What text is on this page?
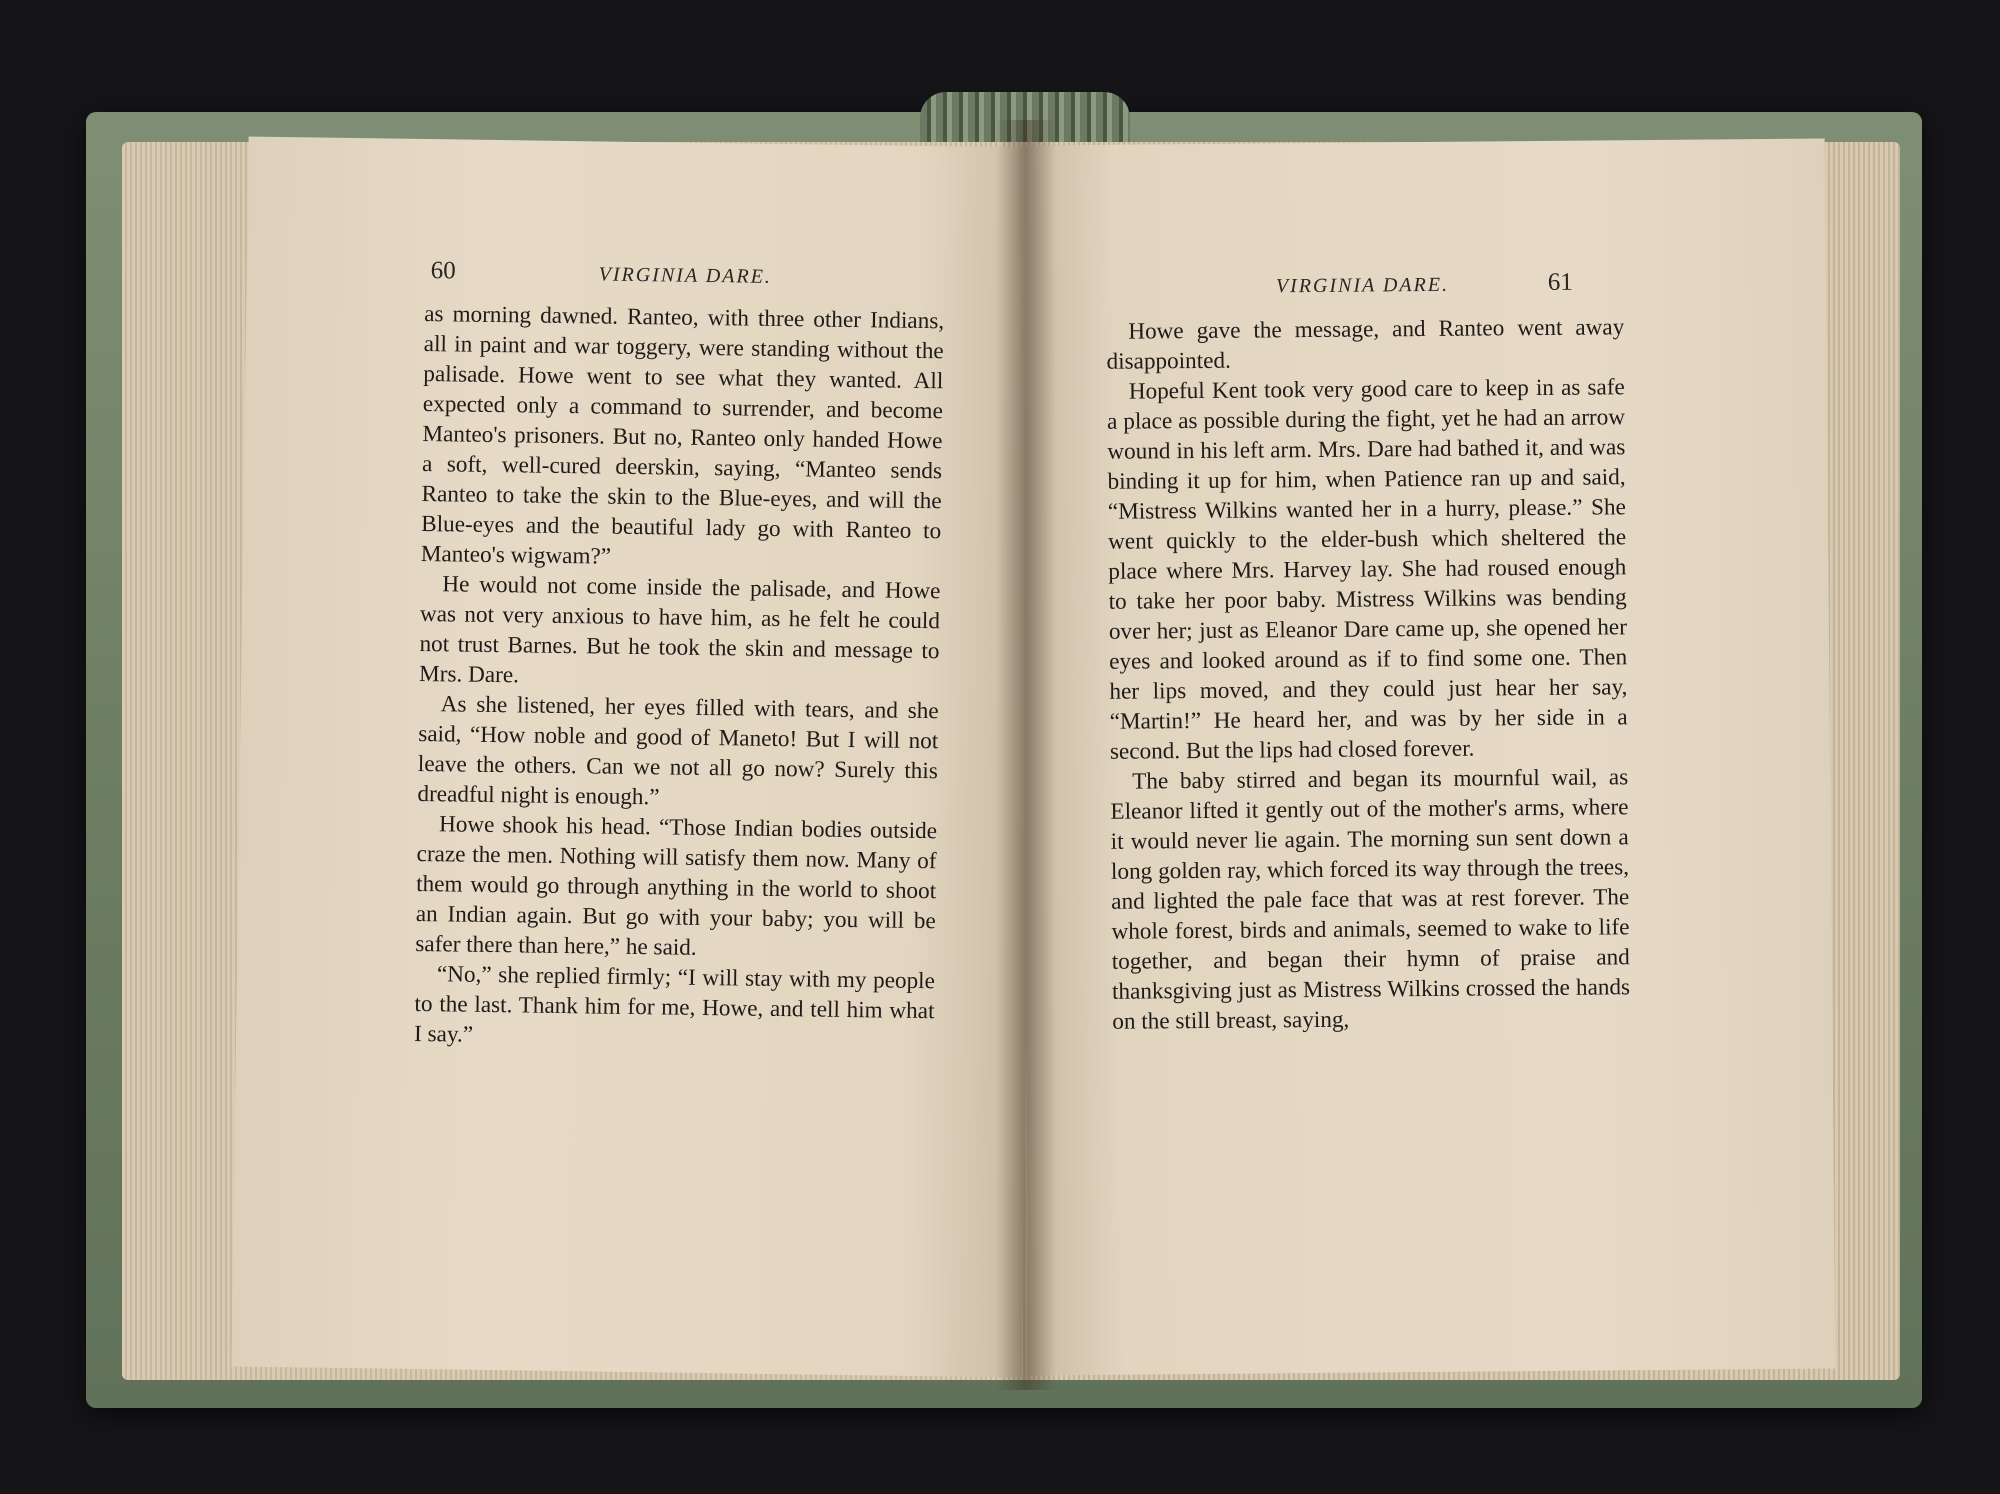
60	VIRGINIA DARE.

as morning dawned. Ranteo, with three other Indians, all in paint and war toggery, were standing without the palisade. Howe went to see what they wanted. All expected only a command to surrender, and become Manteo's prisoners. But no, Ranteo only handed Howe a soft, well-cured deerskin, saying, “Manteo sends Ranteo to take the skin to the Blue-eyes, and will the Blue-eyes and the beautiful lady go with Ranteo to Manteo's wigwam?”

He would not come inside the palisade, and Howe was not very anxious to have him, as he felt he could not trust Barnes. But he took the skin and message to Mrs. Dare.

As she listened, her eyes filled with tears, and she said, “How noble and good of Maneto! But I will not leave the others. Can we not all go now? Surely this dreadful night is enough.”

Howe shook his head. “Those Indian bodies outside craze the men. Nothing will satisfy them now. Many of them would go through anything in the world to shoot an Indian again. But go with your baby; you will be safer there than here,” he said.

“No,” she replied firmly; “I will stay with my people to the last. Thank him for me, Howe, and tell him what I say.”

VIRGINIA DARE.	61

Howe gave the message, and Ranteo went away disappointed.

Hopeful Kent took very good care to keep in as safe a place as possible during the fight, yet he had an arrow wound in his left arm. Mrs. Dare had bathed it, and was binding it up for him, when Patience ran up and said, “Mistress Wilkins wanted her in a hurry, please.” She went quickly to the elder-bush which sheltered the place where Mrs. Harvey lay. She had roused enough to take her poor baby. Mistress Wilkins was bending over her; just as Eleanor Dare came up, she opened her eyes and looked around as if to find some one. Then her lips moved, and they could just hear her say, “Martin!” He heard her, and was by her side in a second. But the lips had closed forever.

The baby stirred and began its mournful wail, as Eleanor lifted it gently out of the mother's arms, where it would never lie again. The morning sun sent down a long golden ray, which forced its way through the trees, and lighted the pale face that was at rest forever. The whole forest, birds and animals, seemed to wake to life together, and began their hymn of praise and thanksgiving just as Mistress Wilkins crossed the hands on the still breast, saying,
